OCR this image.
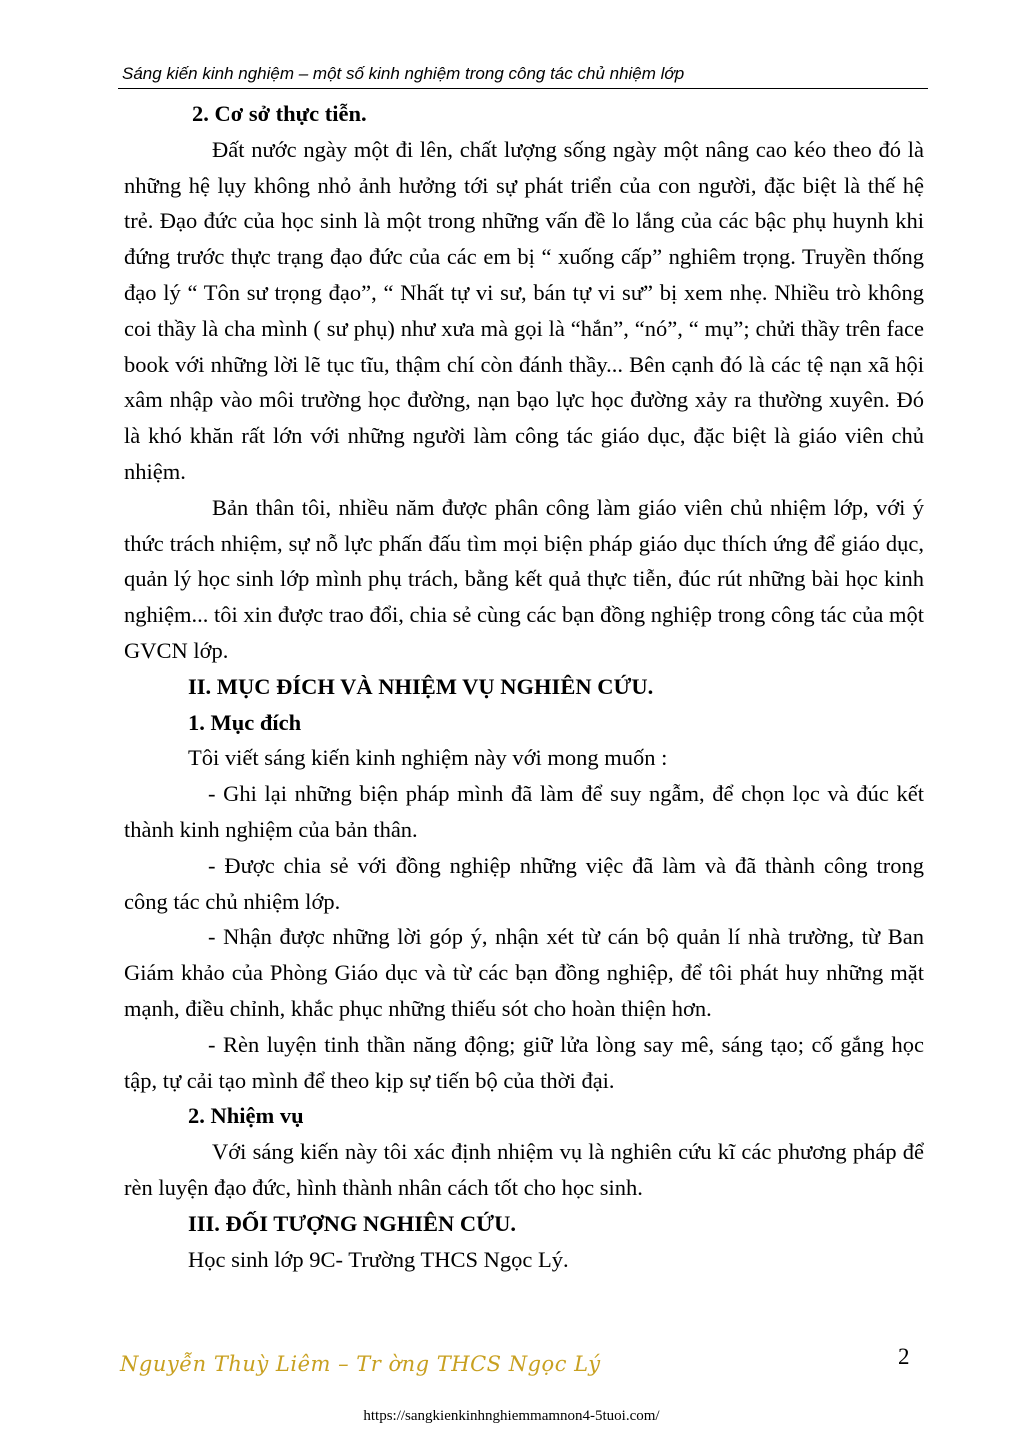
Sáng kiến kinh nghiệm – một số kinh nghiệm trong công tác chủ nhiệm lớp

2. Cơ sở thực tiễn.

Đất nước ngày một đi lên, chất lượng sống ngày một nâng cao kéo theo đó là những hệ lụy không nhỏ ảnh hưởng tới sự phát triển của con người, đặc biệt là thế hệ trẻ. Đạo đức của học sinh là một trong những vấn đề lo lắng của các bậc phụ huynh khi đứng trước thực trạng đạo đức của các em bị “ xuống cấp” nghiêm trọng. Truyền thống đạo lý “ Tôn sư trọng đạo”, “ Nhất tự vi sư, bán tự vi sư” bị xem nhẹ. Nhiều trò không coi thầy là cha mình ( sư phụ) như xưa mà gọi là “hắn”, “nó”, “ mụ”; chửi thầy trên face book với những lời lẽ tục tĩu, thậm chí còn đánh thầy... Bên cạnh đó là các tệ nạn xã hội xâm nhập vào môi trường học đường, nạn bạo lực học đường xảy ra thường xuyên. Đó là khó khăn rất lớn với những người làm công tác giáo dục, đặc biệt là giáo viên chủ nhiệm.

Bản thân tôi, nhiều năm được phân công làm giáo viên chủ nhiệm lớp, với ý thức trách nhiệm, sự nỗ lực phấn đấu tìm mọi biện pháp giáo dục thích ứng để giáo dục, quản lý học sinh lớp mình phụ trách, bằng kết quả thực tiễn, đúc rút những bài học kinh nghiệm... tôi xin được trao đổi, chia sẻ cùng các bạn đồng nghiệp trong công tác của một GVCN lớp.

II. MỤC ĐÍCH VÀ NHIỆM VỤ NGHIÊN CỨU.

1. Mục đích

Tôi viết sáng kiến kinh nghiệm này với mong muốn :

- Ghi lại những biện pháp mình đã làm để suy ngẫm, để chọn lọc và đúc kết thành kinh nghiệm của bản thân.

- Được chia sẻ với đồng nghiệp những việc đã làm và đã thành công trong công tác chủ nhiệm lớp.

- Nhận được những lời góp ý, nhận xét từ cán bộ quản lí nhà trường, từ Ban Giám khảo của Phòng Giáo dục và từ các bạn đồng nghiệp, để tôi phát huy những mặt mạnh, điều chỉnh, khắc phục những thiếu sót cho hoàn thiện hơn.

- Rèn luyện tinh thần năng động; giữ lửa lòng say mê, sáng tạo; cố gắng học tập, tự cải tạo mình để theo kịp sự tiến bộ của thời đại.

2. Nhiệm vụ

Với sáng kiến này tôi xác định nhiệm vụ là nghiên cứu kĩ các phương pháp để rèn luyện đạo đức, hình thành nhân cách tốt cho học sinh.

III. ĐỐI TƯỢNG NGHIÊN CỨU.

Học sinh lớp 9C- Trường THCS Ngọc Lý.

Nguyễn Thuỳ Liêm – Tr ờng THCS Ngọc Lý	2
https://sangkienkinhnghiemmamnon4-5tuoi.com/
